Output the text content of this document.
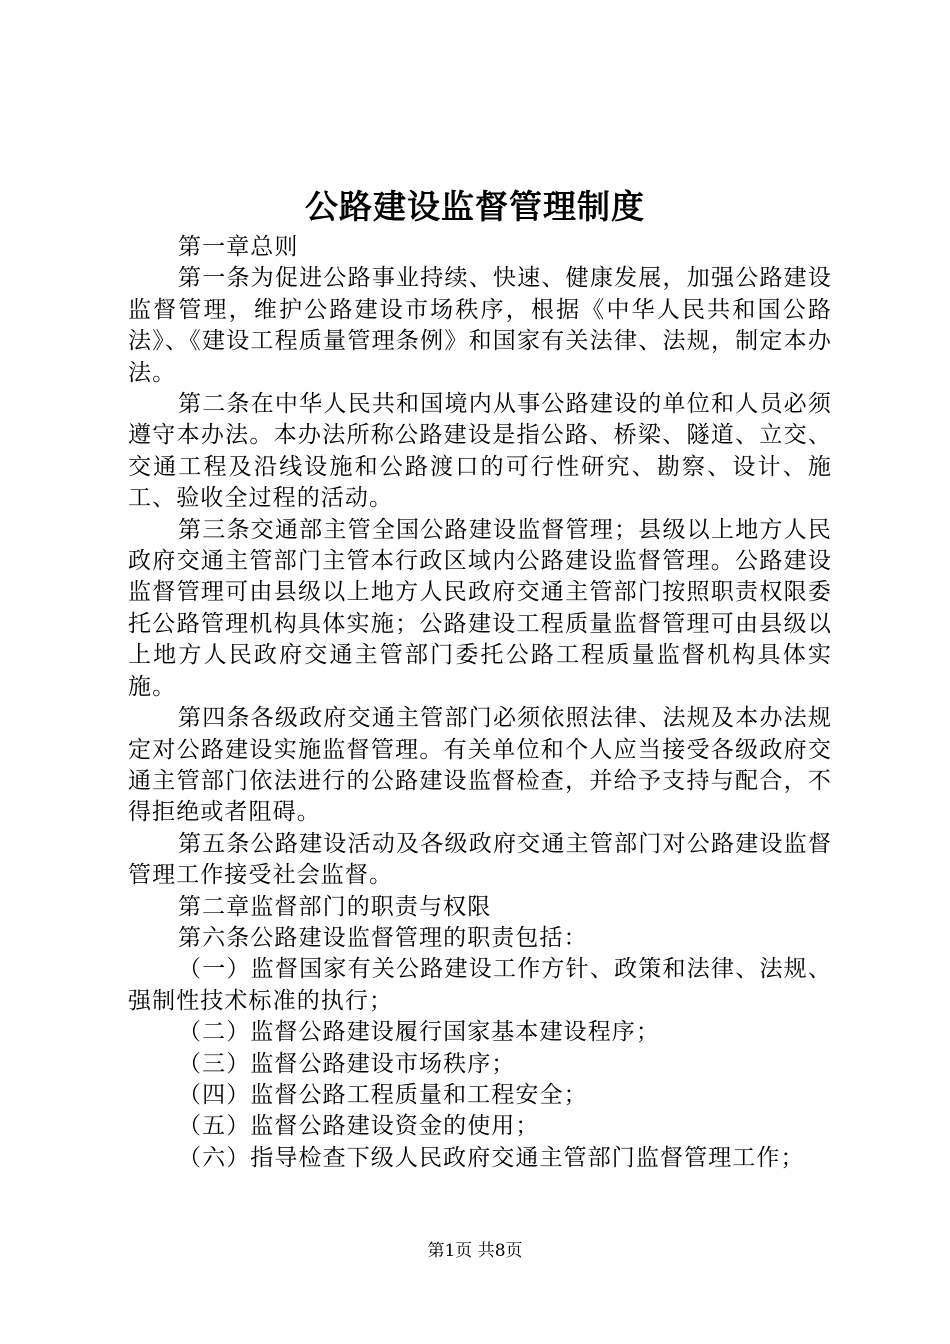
公路建设监督管理制度

第一章总则

第一条为促进公路事业持续、快速、健康发展，加强公路建设监督管理，维护公路建设市场秩序，根据《中华人民共和国公路法》、《建设工程质量管理条例》和国家有关法律、法规，制定本办法。

第二条在中华人民共和国境内从事公路建设的单位和人员必须遵守本办法。本办法所称公路建设是指公路、桥梁、隧道、立交、交通工程及沿线设施和公路渡口的可行性研究、勘察、设计、施工、验收全过程的活动。

第三条交通部主管全国公路建设监督管理；县级以上地方人民政府交通主管部门主管本行政区域内公路建设监督管理。公路建设监督管理可由县级以上地方人民政府交通主管部门按照职责权限委托公路管理机构具体实施；公路建设工程质量监督管理可由县级以上地方人民政府交通主管部门委托公路工程质量监督机构具体实施。

第四条各级政府交通主管部门必须依照法律、法规及本办法规定对公路建设实施监督管理。有关单位和个人应当接受各级政府交通主管部门依法进行的公路建设监督检查，并给予支持与配合，不得拒绝或者阻碍。

第五条公路建设活动及各级政府交通主管部门对公路建设监督管理工作接受社会监督。

第二章监督部门的职责与权限

第六条公路建设监督管理的职责包括：

（一）监督国家有关公路建设工作方针、政策和法律、法规、强制性技术标准的执行；

（二）监督公路建设履行国家基本建设程序；

（三）监督公路建设市场秩序；

（四）监督公路工程质量和工程安全；

（五）监督公路建设资金的使用；

（六）指导检查下级人民政府交通主管部门监督管理工作；

第1页 共8页
